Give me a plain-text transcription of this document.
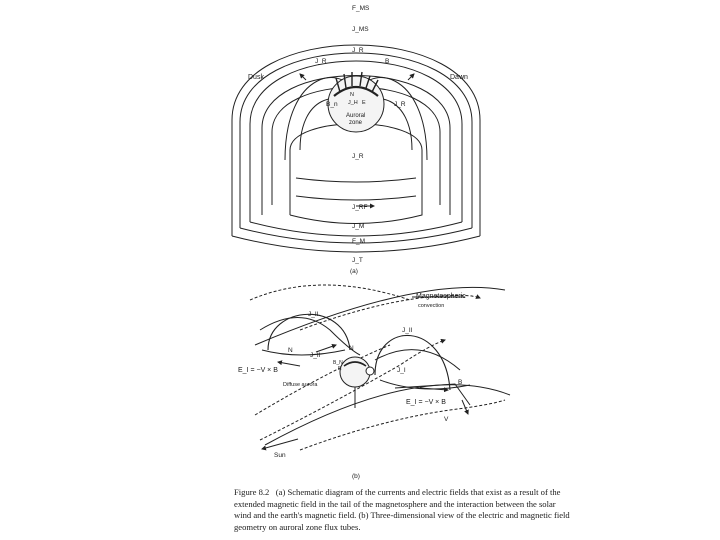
F_MS
J_MS
J_R
Dusk	Dawn
J_R	B
N
J_H E
Auroral
zone
J_R
B_n
J_R
J_RF
J_M
F_M
J_T
(a)
Magnetospheric
convection
J_II
J_II
J_II
J_I
E_I = −V × B
N	N
E
B_N
Diffuse aurora	B
E_I = −V × B
V
Sun
(b)
Figure 8.2 (a) Schematic diagram of the currents and electric fields that exist as a result of the extended magnetic field in the tail of the magnetosphere and the interaction between the solar wind and the earth's magnetic field. (b) Three-dimensional view of the electric and magnetic field geometry on auroral zone flux tubes.
